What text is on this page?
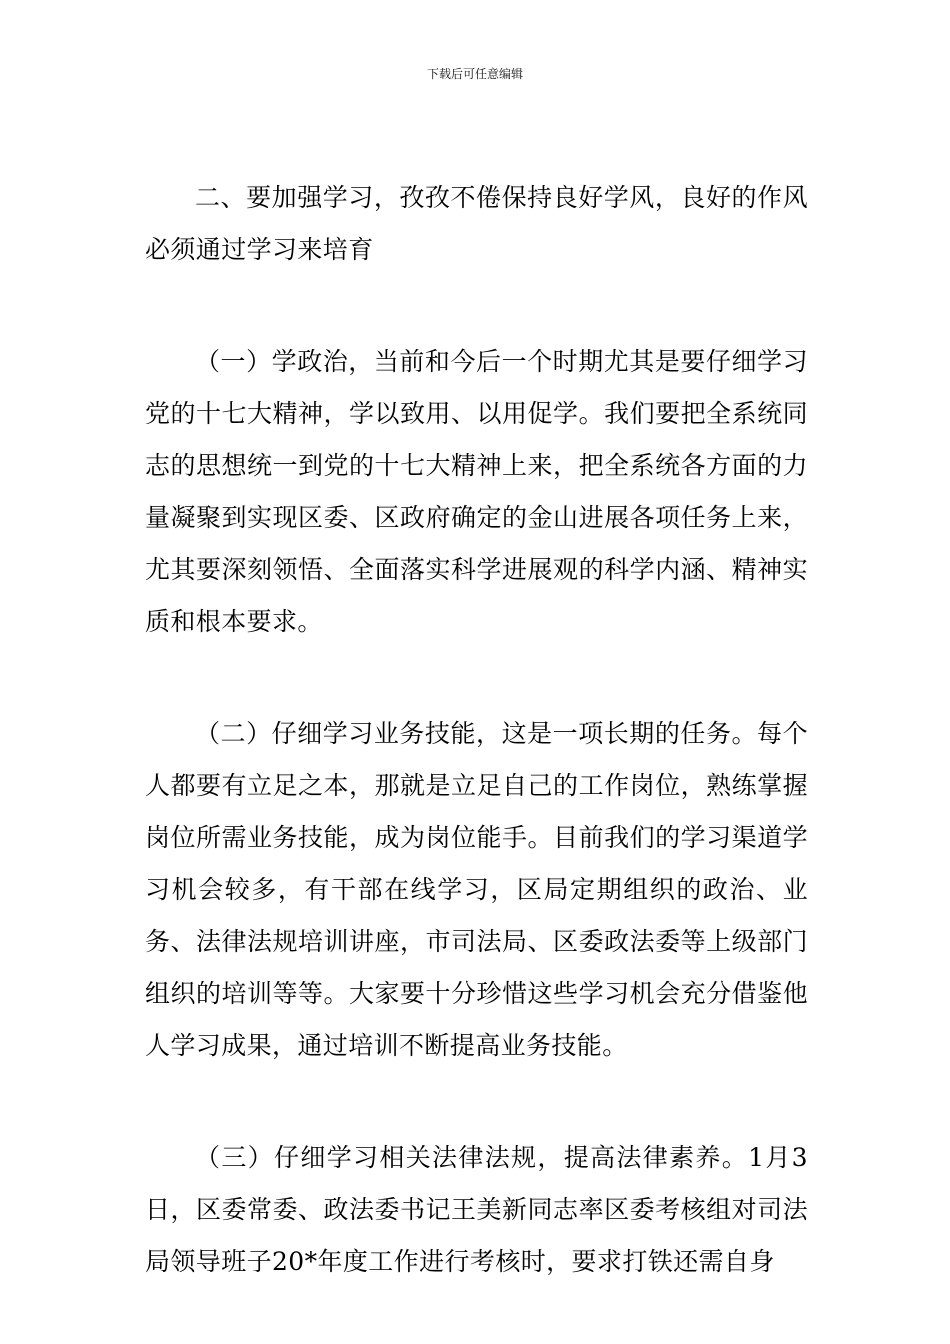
下载后可任意编辑

二、要加强学习，孜孜不倦保持良好学风，良好的作风必须通过学习来培育

（一）学政治，当前和今后一个时期尤其是要仔细学习党的十七大精神，学以致用、以用促学。我们要把全系统同志的思想统一到党的十七大精神上来，把全系统各方面的力量凝聚到实现区委、区政府确定的金山进展各项任务上来，尤其要深刻领悟、全面落实科学进展观的科学内涵、精神实质和根本要求。

（二）仔细学习业务技能，这是一项长期的任务。每个人都要有立足之本，那就是立足自己的工作岗位，熟练掌握岗位所需业务技能，成为岗位能手。目前我们的学习渠道学习机会较多，有干部在线学习，区局定期组织的政治、业务、法律法规培训讲座，市司法局、区委政法委等上级部门组织的培训等等。大家要十分珍惜这些学习机会充分借鉴他人学习成果，通过培训不断提高业务技能。

（三）仔细学习相关法律法规，提高法律素养。1月3日，区委常委、政法委书记王美新同志率区委考核组对司法局领导班子20*年度工作进行考核时，要求打铁还需自身
